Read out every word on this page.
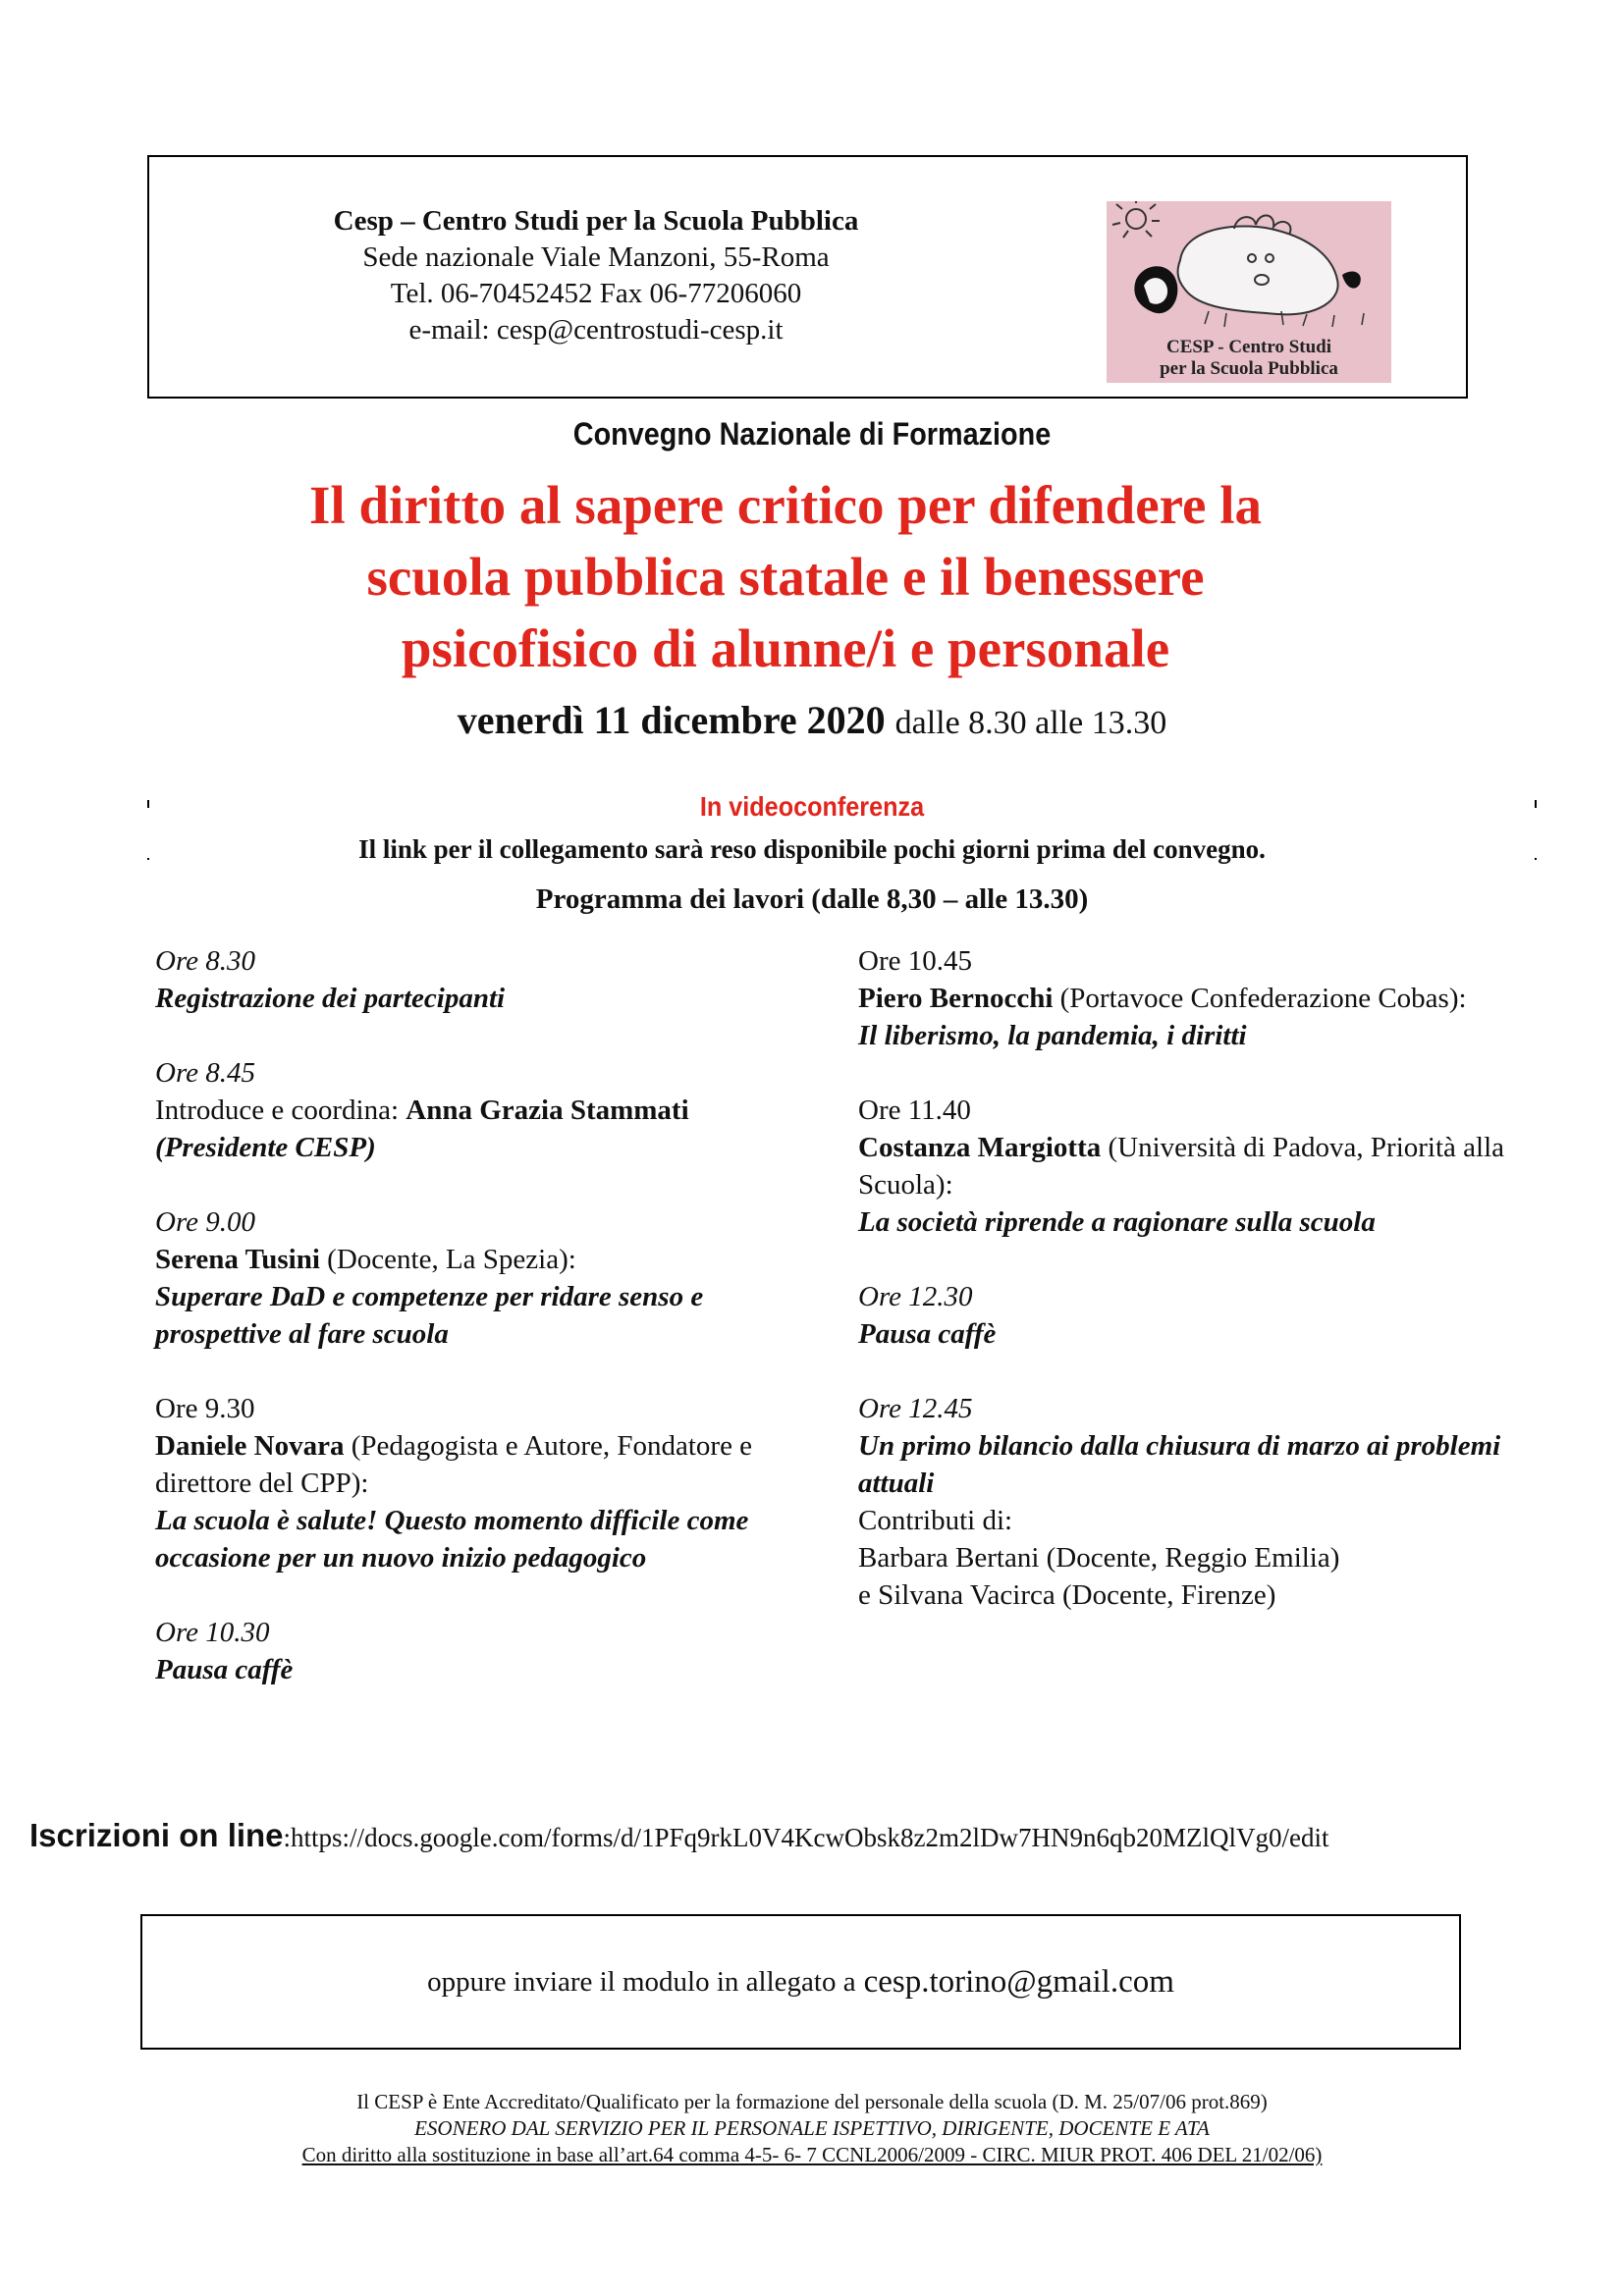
Cesp – Centro Studi per la Scuola Pubblica
Sede nazionale Viale Manzoni, 55-Roma
Tel. 06-70452452 Fax 06-77206060
e-mail: cesp@centrostudi-cesp.it
CESP - Centro Studi
per la Scuola Pubblica
Convegno Nazionale di Formazione
Il diritto al sapere critico per difendere la
scuola pubblica statale e il benessere
psicofisico di alunne/i e personale
venerdì 11 dicembre 2020 dalle 8.30 alle 13.30
In videoconferenza
Il link per il collegamento sarà reso disponibile pochi giorni prima del convegno.
Programma dei lavori (dalle 8,30 – alle 13.30)
Ore 8.30
Registrazione dei partecipanti
Ore 8.45
Introduce e coordina: Anna Grazia Stammati
(Presidente CESP)
Ore 9.00
Serena Tusini (Docente, La Spezia):
Superare DaD e competenze per ridare senso e prospettive al fare scuola
Ore 9.30
Daniele Novara (Pedagogista e Autore, Fondatore e direttore del CPP):
La scuola è salute! Questo momento difficile come occasione per un nuovo inizio pedagogico
Ore 10.30
Pausa caffè
Ore 10.45
Piero Bernocchi (Portavoce Confederazione Cobas):
Il liberismo, la pandemia, i diritti
Ore 11.40
Costanza Margiotta (Università di Padova, Priorità alla Scuola):
La società riprende a ragionare sulla scuola
Ore 12.30
Pausa caffè
Ore 12.45
Un primo bilancio dalla chiusura di marzo ai problemi attuali
Contributi di:
Barbara Bertani (Docente, Reggio Emilia)
e Silvana Vacirca (Docente, Firenze)
Iscrizioni on line:https://docs.google.com/forms/d/1PFq9rkL0V4KcwObsk8z2m2lDw7HN9n6qb20MZlQlVg0/edit
oppure inviare il modulo in allegato a cesp.torino@gmail.com
Il CESP è Ente Accreditato/Qualificato per la formazione del personale della scuola (D. M. 25/07/06 prot.869)
ESONERO DAL SERVIZIO PER IL PERSONALE ISPETTIVO, DIRIGENTE, DOCENTE E ATA
Con diritto alla sostituzione in base all’art.64 comma 4-5- 6- 7 CCNL2006/2009 - CIRC. MIUR PROT. 406 DEL 21/02/06)
